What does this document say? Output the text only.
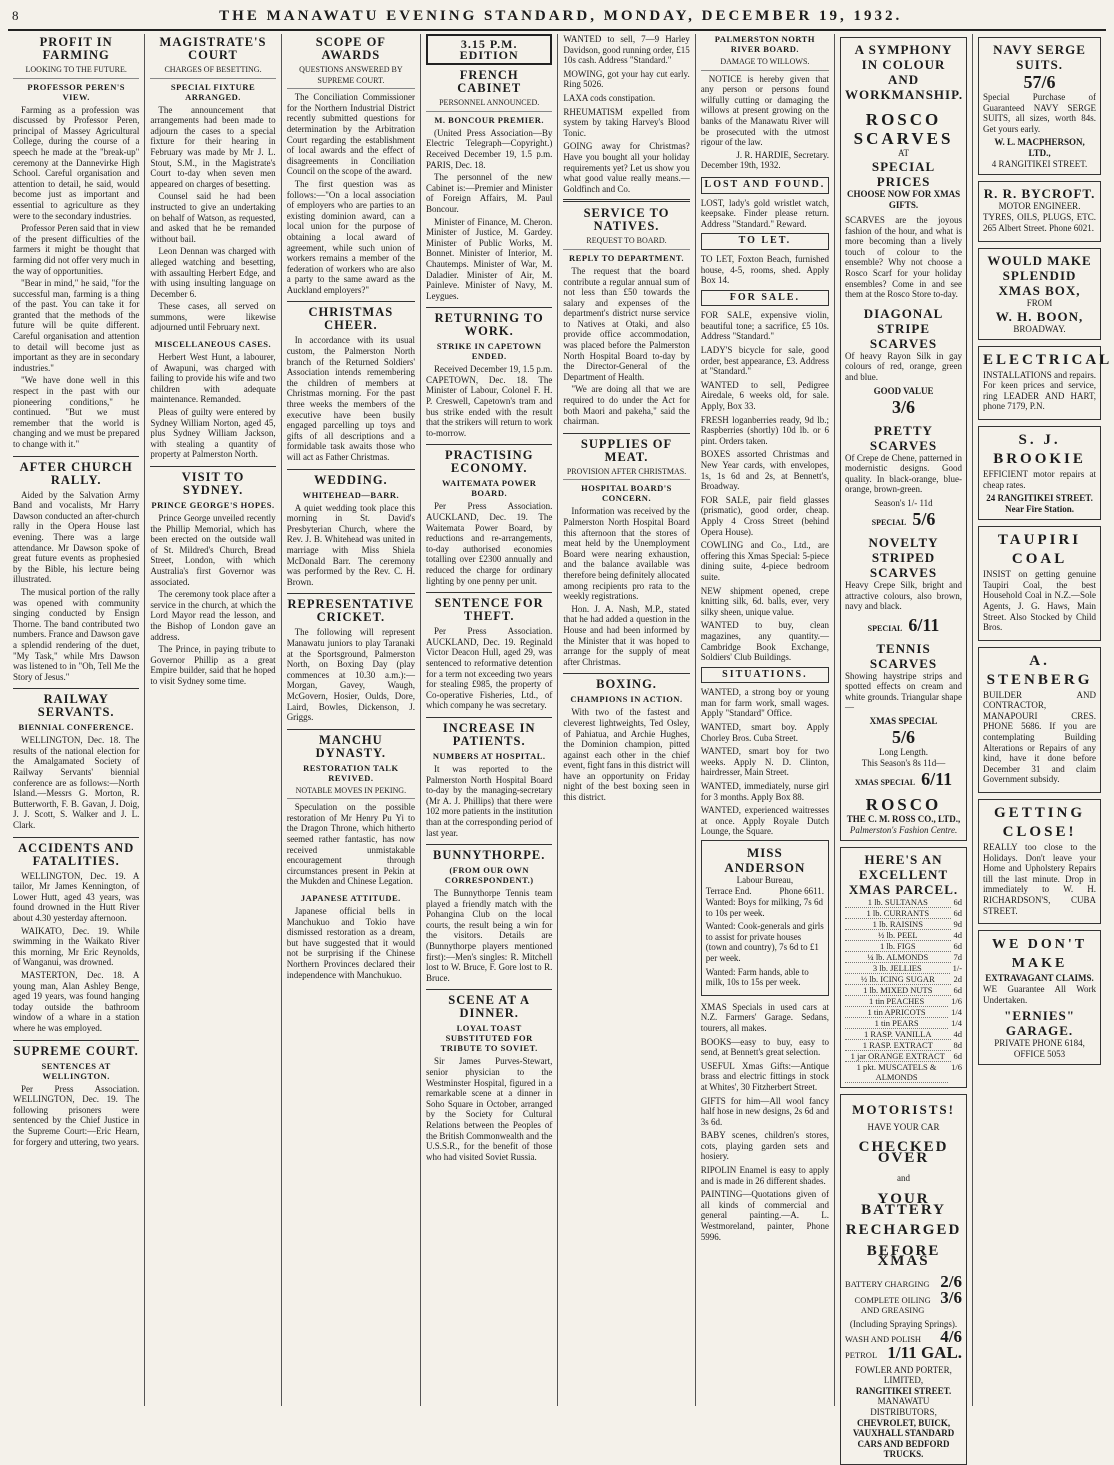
8	THE MANAWATU EVENING STANDARD, MONDAY, DECEMBER 19, 1932.
PROFIT IN FARMING
LOOKING TO THE FUTURE.
PROFESSOR PEREN'S VIEW.

Farming as a profession was discussed by Professor Peren, principal of Massey Agricultural College, during the course of a speech he made at the "break-up" ceremony at the Dannevirke High School. Careful organisation and attention to detail, he said, would become just as important and essential to agriculture as they were to the secondary industries.

Professor Peren said that in view of the present difficulties of the farmers it might be thought that farming did not offer very much in the way of opportunities.

"Bear in mind," he said, "for the successful man, farming is a thing of the past. You can take it for granted that the methods of the future will be quite different. Careful organisation and attention to detail will become just as important as they are in secondary industries."

"We have done well in this respect in the past with our pioneering conditions," he continued. "But we must remember that the world is changing and we must be prepared to change with it."

AFTER CHURCH RALLY.

Aided by the Salvation Army Band and vocalists, Mr Harry Dawson conducted an after-church rally in the Opera House last evening. There was a large attendance. Mr Dawson spoke of great future events as prophesied by the Bible, his lecture being illustrated.

The musical portion of the rally was opened with community singing conducted by Ensign Thorne. The band contributed two numbers. France and Dawson gave a splendid rendering of the duet, "My Task," while Mrs Dawson was listened to in "Oh, Tell Me the Story of Jesus."

RAILWAY SERVANTS.
BIENNIAL CONFERENCE.

WELLINGTON, Dec. 18. The results of the national election for the Amalgamated Society of Railway Servants' biennial conference are as follows:—North Island.—Messrs G. Morton, R. Butterworth, F. B. Gavan, J. Doig, J. J. Scott, S. Walker and J. L. Clark.

ACCIDENTS AND FATALITIES.

WELLINGTON, Dec. 19. A tailor, Mr James Kennington, of Lower Hutt, aged 43 years, was found drowned in the Hutt River about 4.30 yesterday afternoon.

WAIKATO, Dec. 19. While swimming in the Waikato River this morning, Mr Eric Reynolds, of Wanganui, was drowned.

MASTERTON, Dec. 18. A young man, Alan Ashley Benge, aged 19 years, was found hanging today outside the bathroom window of a whare in a station where he was employed.

SUPREME COURT.
SENTENCES AT WELLINGTON.

Per Press Association. WELLINGTON, Dec. 19. The following prisoners were sentenced by the Chief Justice in the Supreme Court:—Eric Hearn, for forgery and uttering, two years.

MAGISTRATE'S COURT
CHARGES OF BESETTING.
SPECIAL FIXTURE ARRANGED.

The announcement that arrangements had been made to adjourn the cases to a special fixture for their hearing in February was made by Mr J. L. Stout, S.M., in the Magistrate's Court to-day when seven men appeared on charges of besetting.

Counsel said he had been instructed to give an undertaking on behalf of Watson, as requested, and asked that he be remanded without bail.

Leon Dennan was charged with alleged watching and besetting, with assaulting Herbert Edge, and with using insulting language on December 6.

These cases, all served on summons, were likewise adjourned until February next.

MISCELLANEOUS CASES.

Herbert West Hunt, a labourer, of Awapuni, was charged with failing to provide his wife and two children with adequate maintenance. Remanded.

Pleas of guilty were entered by Sydney William Norton, aged 45, plus Sydney William Jackson, with stealing a quantity of property at Palmerston North.

VISIT TO SYDNEY.
PRINCE GEORGE'S HOPES.

Prince George unveiled recently the Phillip Memorial, which has been erected on the outside wall of St. Mildred's Church, Bread Street, London, with which Australia's first Governor was associated.

The ceremony took place after a service in the church, at which the Lord Mayor read the lesson, and the Bishop of London gave an address.

The Prince, in paying tribute to Governor Phillip as a great Empire builder, said that he hoped to visit Sydney some time.

SCOPE OF AWARDS
QUESTIONS ANSWERED BY SUPREME COURT.

The Conciliation Commissioner for the Northern Industrial District recently submitted questions for determination by the Arbitration Court regarding the establishment of local awards and the effect of disagreements in Conciliation Council on the scope of the award.

The first question was as follows:—"On a local association of employers who are parties to an existing dominion award, can a local union for the purpose of obtaining a local award of agreement, while such union of workers remains a member of the federation of workers who are also a party to the same award as the Auckland employers?"

CHRISTMAS CHEER.

In accordance with its usual custom, the Palmerston North branch of the Returned Soldiers' Association intends remembering the children of members at Christmas morning. For the past three weeks the members of the executive have been busily engaged parcelling up toys and gifts of all descriptions and a formidable task awaits those who will act as Father Christmas.

WEDDING.
WHITEHEAD—BARR.

A quiet wedding took place this morning in St. David's Presbyterian Church, where the Rev. J. B. Whitehead was united in marriage with Miss Shiela McDonald Barr. The ceremony was performed by the Rev. C. H. Brown.

REPRESENTATIVE CRICKET.

The following will represent Manawatu juniors to play Taranaki at the Sportsground, Palmerston North, on Boxing Day (play commences at 10.30 a.m.):—Morgan, Gavey, Waugh, McGovern, Hosier, Oulds, Dore, Laird, Bowles, Dickenson, J. Griggs.

MANCHU DYNASTY.
RESTORATION TALK REVIVED.
NOTABLE MOVES IN PEKING.

Speculation on the possible restoration of Mr Henry Pu Yi to the Dragon Throne, which hitherto seemed rather fantastic, has now received unmistakable encouragement through circumstances present in Pekin at the Mukden and Chinese Legation.

JAPANESE ATTITUDE.

Japanese official bells in Manchukuo and Tokio have dismissed restoration as a dream, but have suggested that it would not be surprising if the Chinese Northern Provinces declared their independence with Manchukuo.

3.15 P.M. EDITION
FRENCH CABINET
PERSONNEL ANNOUNCED.
M. BONCOUR PREMIER.

(United Press Association—By Electric Telegraph—Copyright.) Received December 19, 1.5 p.m. PARIS, Dec. 18.

The personnel of the new Cabinet is:—Premier and Minister of Foreign Affairs, M. Paul Boncour.

Minister of Finance, M. Cheron. Minister of Justice, M. Gardey. Minister of Public Works, M. Bonnet. Minister of Interior, M. Chautemps. Minister of War, M. Daladier. Minister of Air, M. Painleve. Minister of Navy, M. Leygues.

RETURNING TO WORK.
STRIKE IN CAPETOWN ENDED.

Received December 19, 1.5 p.m. CAPETOWN, Dec. 18. The Minister of Labour, Colonel F. H. P. Creswell, Capetown's tram and bus strike ended with the result that the strikers will return to work to-morrow.

PRACTISING ECONOMY.
WAITEMATA POWER BOARD.

Per Press Association. AUCKLAND, Dec. 19. The Waitemata Power Board, by reductions and re-arrangements, to-day authorised economies totalling over £2300 annually and reduced the charge for ordinary lighting by one penny per unit.

SENTENCE FOR THEFT.

Per Press Association. AUCKLAND, Dec. 19. Reginald Victor Deacon Hull, aged 29, was sentenced to reformative detention for a term not exceeding two years for stealing £985, the property of Co-operative Fisheries, Ltd., of which company he was secretary.

INCREASE IN PATIENTS.
NUMBERS AT HOSPITAL.

It was reported to the Palmerston North Hospital Board to-day by the managing-secretary (Mr A. J. Phillips) that there were 102 more patients in the institution than at the corresponding period of last year.

BUNNYTHORPE.
(FROM OUR OWN CORRESPONDENT.)

The Bunnythorpe Tennis team played a friendly match with the Pohangina Club on the local courts, the result being a win for the visitors. Details are (Bunnythorpe players mentioned first):—Men's singles: R. Mitchell lost to W. Bruce, F. Gore lost to R. Bruce.

SCENE AT A DINNER.
LOYAL TOAST SUBSTITUTED FOR TRIBUTE TO SOVIET.

Sir James Purves-Stewart, senior physician to the Westminster Hospital, figured in a remarkable scene at a dinner in Soho Square in October, arranged by the Society for Cultural Relations between the Peoples of the British Commonwealth and the U.S.S.R., for the benefit of those who had visited Soviet Russia.

WANTED to sell, 7—9 Harley Davidson, good running order, £15 10s cash. Address "Standard."

MOWING, got your hay cut early. Ring 5026.

LAXA cods constipation.

RHEUMATISM expelled from system by taking Harvey's Blood Tonic.

GOING away for Christmas? Have you bought all your holiday requirements yet? Let us show you what good value really means.—Goldfinch and Co.

SERVICE TO NATIVES.
REQUEST TO BOARD.
REPLY TO DEPARTMENT.

The request that the board contribute a regular annual sum of not less than £50 towards the salary and expenses of the department's district nurse service to Natives at Otaki, and also provide office accommodation, was placed before the Palmerston North Hospital Board to-day by the Director-General of the Department of Health.

"We are doing all that we are required to do under the Act for both Maori and pakeha," said the chairman.

SUPPLIES OF MEAT.
PROVISION AFTER CHRISTMAS.
HOSPITAL BOARD'S CONCERN.

Information was received by the Palmerston North Hospital Board this afternoon that the stores of meat held by the Unemployment Board were nearing exhaustion, and the balance available was therefore being definitely allocated among recipients pro rata to the weekly registrations.

Hon. J. A. Nash, M.P., stated that he had added a question in the House and had been informed by the Minister that it was hoped to arrange for the supply of meat after Christmas.

BOXING.
CHAMPIONS IN ACTION.

With two of the fastest and cleverest lightweights, Ted Osley, of Pahiatua, and Archie Hughes, the Dominion champion, pitted against each other in the chief event, fight fans in this district will have an opportunity on Friday night of the best boxing seen in this district.

PALMERSTON NORTH RIVER BOARD.
DAMAGE TO WILLOWS.

NOTICE is hereby given that any person or persons found wilfully cutting or damaging the willows at present growing on the banks of the Manawatu River will be prosecuted with the utmost rigour of the law.

J. R. HARDIE, Secretary.
December 19th, 1932.
LOST AND FOUND.

LOST, lady's gold wristlet watch, keepsake. Finder please return. Address "Standard." Reward.

TO LET.

TO LET, Foxton Beach, furnished house, 4-5, rooms, shed. Apply Box 14.

FOR SALE.

FOR SALE, expensive violin, beautiful tone; a sacrifice, £5 10s. Address "Standard."

LADY'S bicycle for sale, good order, best appearance, £3. Address at "Standard."

WANTED to sell, Pedigree Airedale, 6 weeks old, for sale. Apply, Box 33.

FRESH loganberries ready, 9d lb.; Raspberries (shortly) 10d lb. or 6 pint. Orders taken.

BOXES assorted Christmas and New Year cards, with envelopes, 1s, 1s 6d and 2s, at Bennett's, Broadway.

FOR SALE, pair field glasses (prismatic), good order, cheap. Apply 4 Cross Street (behind Opera House).

COWLING and Co., Ltd., are offering this Xmas Special: 5-piece dining suite, 4-piece bedroom suite.

NEW shipment opened, crepe knitting silk, 6d. balls, ever, very silky sheen, unique value.

WANTED to buy, clean magazines, any quantity.—Cambridge Book Exchange, Soldiers' Club Buildings.

SITUATIONS.

WANTED, a strong boy or young man for farm work, small wages. Apply "Standard" Office.

WANTED, smart boy. Apply Chorley Bros. Cuba Street.

WANTED, smart boy for two weeks. Apply N. D. Clinton, hairdresser, Main Street.

WANTED, immediately, nurse girl for 3 months. Apply Box 88.

WANTED, experienced waitresses at once. Apply Royale Dutch Lounge, the Square.

MISS ANDERSON
Labour Bureau,
Terrace End.	Phone 6611.

Wanted: Boys for milking, 7s 6d to 10s per week.

Wanted: Cook-generals and girls to assist for private houses (town and country), 7s 6d to £1 per week.

Wanted: Farm hands, able to milk, 10s to 15s per week.

XMAS Specials in used cars at N.Z. Farmers' Garage. Sedans, tourers, all makes.

BOOKS—easy to buy, easy to send, at Bennett's great selection.

USEFUL Xmas Gifts:—Antique brass and electric fittings in stock at Whites', 30 Fitzherbert Street.

GIFTS for him—All wool fancy half hose in new designs, 2s 6d and 3s 6d.

BABY scenes, children's stores, cots, playing garden sets and hosiery.

RIPOLIN Enamel is easy to apply and is made in 26 different shades.

PAINTING—Quotations given of all kinds of commercial and general painting.—A. L. Westmoreland, painter, Phone 5996.

A SYMPHONY
IN COLOUR
AND WORKMANSHIP.
ROSCO
SCARVES
AT
SPECIAL PRICES
CHOOSE NOW FOR XMAS GIFTS.

SCARVES are the joyous fashion of the hour, and what is more becoming than a lively touch of colour to the ensemble? Why not choose a Rosco Scarf for your holiday ensembles? Come in and see them at the Rosco Store to-day.

DIAGONAL STRIPE SCARVES

Of heavy Rayon Silk in gay colours of red, orange, green and blue.

GOOD VALUE
3/6
PRETTY SCARVES

Of Crepe de Chene, patterned in modernistic designs. Good quality. In black-orange, blue-orange, brown-green.

Season's 1/- 11d
SPECIAL 5/6
NOVELTY STRIPED SCARVES

Heavy Crepe Silk, bright and attractive colours, also brown, navy and black.

SPECIAL 6/11
TENNIS SCARVES

Showing haystripe strips and spotted effects on cream and white grounds. Triangular shape—

XMAS SPECIAL
5/6
Long Length.
This Season's 8s 11d—
XMAS SPECIAL 6/11
ROSCO
THE C. M. ROSS CO., LTD.,
Palmerston's Fashion Centre.
HERE'S AN EXCELLENT XMAS PARCEL.
1 lb. SULTANAS	6d
1 lb. CURRANTS	6d
1 lb. RAISINS	9d
½ lb. PEEL	4d
1 lb. FIGS	6d
¼ lb. ALMONDS	7d
3 lb. JELLIES	1/-
½ lb. ICING SUGAR	2d
1 lb. MIXED NUTS	6d
1 tin PEACHES	1/6
1 tin APRICOTS	1/4
1 tin PEARS	1/4
1 RASP. VANILLA	4d
1 RASP. EXTRACT	8d
1 jar ORANGE EXTRACT	6d
1 pkt. MUSCATELS & ALMONDS
1/6
MOTORISTS!
HAVE YOUR CAR
CHECKED OVER
and
YOUR BATTERY
RECHARGED
BEFORE XMAS
BATTERY CHARGING 2/6
COMPLETE OILING AND GREASING
3/6
(Including Spraying Springs).
WASH AND POLISH 4/6
PETROL 1/11 GAL.
FOWLER AND PORTER,
LIMITED,
RANGITIKEI STREET.
MANAWATU DISTRIBUTORS,
CHEVROLET, BUICK, VAUXHALL STANDARD CARS AND BEDFORD TRUCKS.
NAVY SERGE SUITS.
57/6

Special Purchase of Guaranteed NAVY SERGE SUITS, all sizes, worth 84s. Get yours early.

W. L. MACPHERSON, LTD.,
4 RANGITIKEI STREET.
R. R. BYCROFT.
MOTOR ENGINEER.

TYRES, OILS, PLUGS, ETC. 265 Albert Street. Phone 6021.

WOULD MAKE SPLENDID XMAS BOX,
FROM
W. H. BOON,
BROADWAY.
ELECTRICAL

INSTALLATIONS and repairs. For keen prices and service, ring LEADER AND HART, phone 7179, P.N.

S. J. BROOKIE

EFFICIENT motor repairs at cheap rates.

24 RANGITIKEI STREET. Near Fire Station.
TAUPIRI COAL

INSIST on getting genuine Taupiri Coal, the best Household Coal in N.Z.—Sole Agents, J. G. Haws, Main Street. Also Stocked by Child Bros.

A. STENBERG

BUILDER AND CONTRACTOR, MANAPOURI CRES. PHONE 5686. If you are contemplating Building Alterations or Repairs of any kind, have it done before December 31 and claim Government subsidy.

GETTING CLOSE!

REALLY too close to the Holidays. Don't leave your Home and Upholstery Repairs till the last minute. Drop in immediately to W. H. RICHARDSON'S, CUBA STREET.

WE DON'T MAKE
EXTRAVAGANT CLAIMS.

WE Guarantee All Work Undertaken.

"ERNIES" GARAGE.
PRIVATE PHONE 6184, OFFICE 5053
